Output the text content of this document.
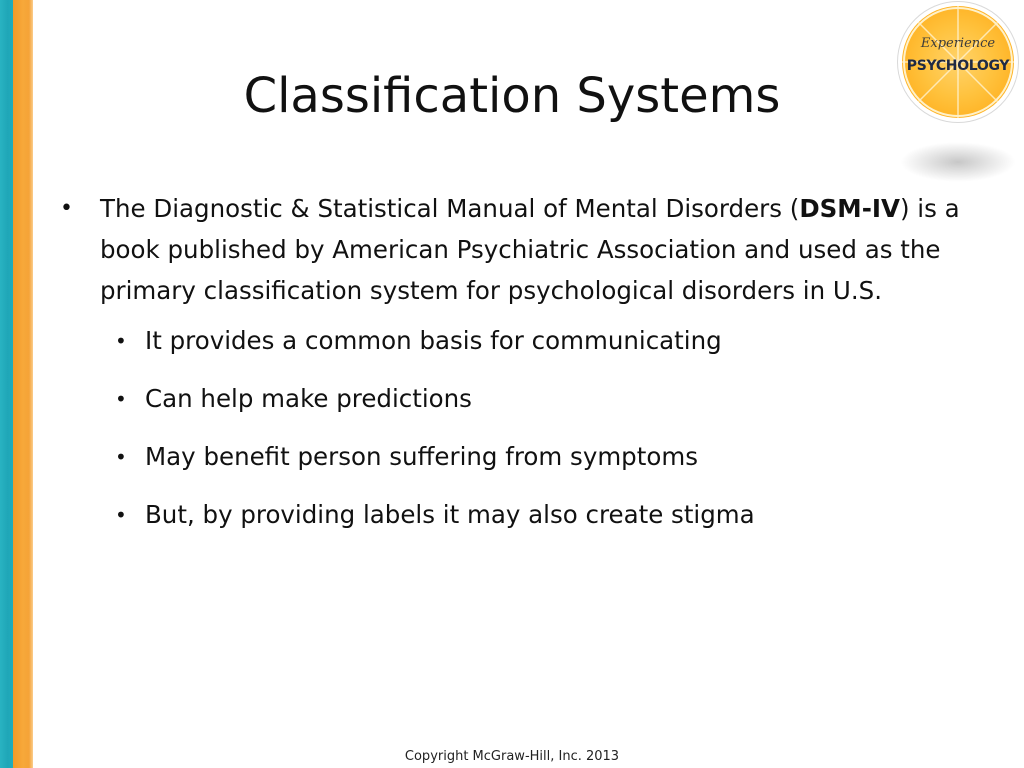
Experience
PSYCHOLOGY
Classification Systems
• The Diagnostic & Statistical Manual of Mental Disorders (DSM-IV) is a book published by American Psychiatric Association and used as the primary classification system for psychological disorders in U.S.
• It provides a common basis for communicating
• Can help make predictions
• May benefit person suffering from symptoms
• But, by providing labels it may also create stigma
Copyright McGraw-Hill, Inc. 2013
